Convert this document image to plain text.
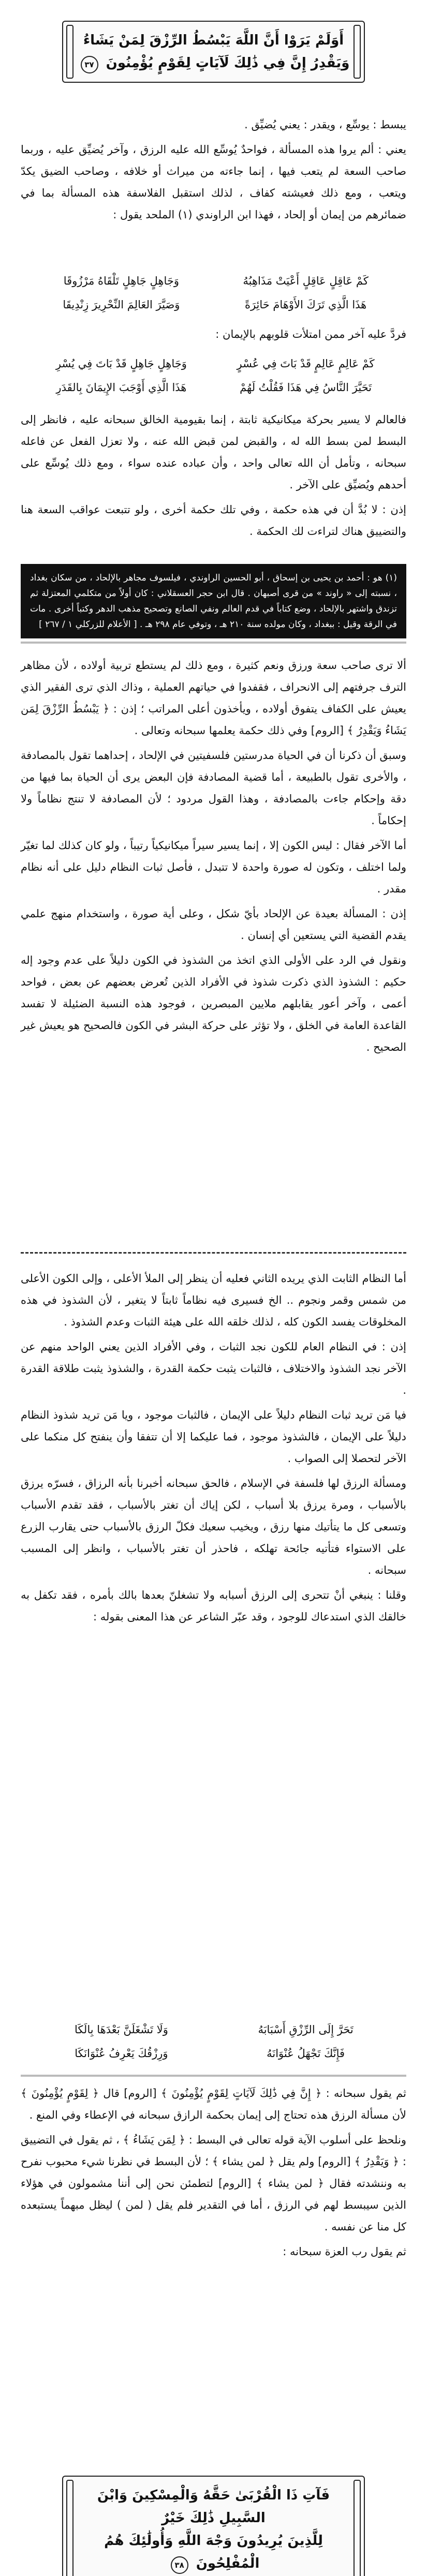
أَوَلَمْ يَرَوْا أَنَّ اللَّهَ يَبْسُطُ الرِّزْقَ لِمَنْ يَشَاءُ
وَيَقْدِرُ إِنَّ فِي ذَٰلِكَ لَآيَاتٍ لِقَوْمٍ يُؤْمِنُونَ ٣٧

يبسط : يوسِّع ، ويقدر : يعني يُضيِّق .

يعني : ألم يروا هذه المسألة ، فواحدٌ يُوسِّع الله عليه الرزق ، وآخر يُضيِّق عليه ، وربما صاحب السعة لم يتعب فيها ، إنما جاءته من ميراث أو خلافه ، وصاحب الضيق يكدّ ويتعب ، ومع ذلك فعيشته كفاف ، لذلك استقبل الفلاسفة هذه المسألة بما في ضمائرهم من إيمان أو إلحاد ، فهذا ابن الراوندي (١) الملحد يقول :

كَمْ عَاقِلٍ عَاقِلٍ أَعْيَتْ مَذَاهِبُهُ
وَجَاهِلٍ جَاهِلٍ تَلْقَاهُ مَرْزُوقَا
هَذَا الَّذِي تَرَكَ الأَوْهَامَ حَائِرَةً
وَصَيَّرَ العَالِمَ النِّحْرِيرَ زِنْدِيقَا

فردَّ عليه آخر ممن امتلأت قلوبهم بالإيمان :

كَمْ عَالِمٍ عَالِمٍ قَدْ بَاتَ فِي عُسْرٍ
وَجَاهِلٍ جَاهِلٍ قَدْ بَاتَ فِي يُسْرِ
تَحَيَّرَ النَّاسُ فِي هَذَا فَقُلْتُ لَهُمْ
هَذَا الَّذِي أَوْجَبَ الإِيمَانَ بِالقَدَرِ

فالعالم لا يسير بحركة ميكانيكية ثابتة ، إنما بقيومية الخالق سبحانه عليه ، فانظر إلى البسط لمن بسط الله له ، والقبض لمن قبض الله عنه ، ولا تعزل الفعل عن فاعله سبحانه ، وتأمل أن الله تعالى واحد ، وأن عباده عنده سواء ، ومع ذلك يُوسِّع على أحدهم ويُضيِّق على الآخر .

إذن : لا بُدَّ أن في هذه حكمة ، وفي تلك حكمة أخرى ، ولو تتبعت عواقب السعة هنا والتضييق هناك لتراءت لك الحكمة .

(١) هو : أحمد بن يحيى بن إسحاق ، أبو الحسين الراوندي ، فيلسوف مجاهر بالإلحاد ، من سكان بغداد ، نسبته إلى « راوند » من قرى أصبهان . قال ابن حجر العسقلاني : كان أولاً من متكلمي المعتزلة ثم تزندق واشتهر بالإلحاد ، وضع كتاباً في قدم العالم ونفي الصانع وتصحيح مذهب الدهر وكتباً أخرى . مات في الرقة وقيل : ببغداد ، وكان مولده سنة ٢١٠ هـ ، وتوفي عام ٢٩٨ هـ . [ الأعلام للزركلي ١ / ٢٦٧ ]

ألا ترى صاحب سعة ورزق ونعم كثيرة ، ومع ذلك لم يستطع تربية أولاده ، لأن مظاهر الترف جرفتهم إلى الانحراف ، فقفدوا في حياتهم العملية ، وذاك الذي ترى الفقير الذي يعيش على الكفاف يتفوق أولاده ، ويأخذون أعلى المراتب ؛ إذن : ﴿ يَبْسُطُ الرِّزْقَ لِمَن يَشَاءُ وَيَقْدِرُ ﴾ [الروم] وفي ذلك حكمة يعلمها سبحانه وتعالى .

وسبق أن ذكرنا أن في الحياة مدرستين فلسفيتين في الإلحاد ، إحداهما تقول بالمصادفة ، والأخرى تقول بالطبيعة ، أما قضية المصادفة فإن البعض يرى أن الحياة بما فيها من دقة وإحكام جاءت بالمصادفة ، وهذا القول مردود ؛ لأن المصادفة لا تنتج نظاماً ولا إحكاماً .

أما الآخر فقال : ليس الكون إلا ، إنما يسير سيراً ميكانيكياً رتيباً ، ولو كان كذلك لما تغيّر ولما اختلف ، وتكون له صورة واحدة لا تتبدل ، فأصل ثبات النظام دليل على أنه نظام مقدر .

إذن : المسألة بعيدة عن الإلحاد بأيّ شكل ، وعلى أية صورة ، واستخدام منهج علمي يقدم القضية التي يستعين أي إنسان .

ونقول في الرد على الأولى الذي اتخذ من الشذوذ في الكون دليلاً على عدم وجود إله حكيم : الشذوذ الذي ذكرت شذوذ في الأفراد الذين تُعرض بعضهم عن بعض ، فواحد أعمى ، وآخر أعور يقابلهم ملايين المبصرين ، فوجود هذه النسبة الضئيلة لا تفسد القاعدة العامة في الخلق ، ولا تؤثر على حركة البشر في الكون فالصحيح هو يعيش غير الصحيح .

أما النظام الثابت الذي يريده الثاني فعليه أن ينظر إلى الملأ الأعلى ، وإلى الكون الأعلى من شمس وقمر ونجوم .. الخ فسيرى فيه نظاماً ثابتاً لا يتغير ، لأن الشذوذ في هذه المخلوقات يفسد الكون كله ، لذلك خلقه الله على هيئة الثبات وعدم الشذوذ .

إذن : في النظام العام للكون نجد الثبات ، وفي الأفراد الذين يعني الواحد منهم عن الآخر نجد الشذوذ والاختلاف ، فالثبات يثبت حكمة القدرة ، والشذوذ يثبت طلاقة القدرة .

فيا مَن تريد ثبات النظام دليلاً على الإيمان ، فالثبات موجود ، ويا مَن تريد شذوذ النظام دليلاً على الإيمان ، فالشذوذ موجود ، فما عليكما إلا أن تتفقا وأن ينفتح كل منكما على الآخر لتحصلا إلى الصواب .

ومسألة الرزق لها فلسفة في الإسلام ، فالحق سبحانه أخبرنا بأنه الرزاق ، فسرّه يرزق بالأسباب ، ومرة يرزق بلا أسباب ، لكن إياك أن تغتر بالأسباب ، فقد تقدم الأسباب وتسعى كل ما يتأتيك منها رزق ، ويخيب سعيك فكلّ الرزق بالأسباب حتى يقارب الزرع على الاستواء فتأتيه جائحة تهلكه ، فاحذر أن تغتر بالأسباب ، وانظر إلى المسبب سبحانه .

وقلنا : ينبغي أنْ تتحرى إلى الرزق أسبابه ولا تشغلنّ بعدها بالك بأمره ، فقد تكفل به خالقك الذي استدعاك للوجود ، وقد عبّر الشاعر عن هذا المعنى بقوله :

تَحَرَّ إِلَى الرِّزْقِ أَسْبَابَهُ
وَلَا تَشْغَلَنَّ بَعْدَهَا بِالَكَا
فَإِنَّكَ تَجْهَلُ عُنْوَانَهُ
وَرِزْقُكَ يَعْرِفُ عُنْوَانَكَا

ثم يقول سبحانه : ﴿ إِنَّ فِي ذَٰلِكَ لَآيَاتٍ لِقَوْمٍ يُؤْمِنُونَ ﴾ [الروم] قال ﴿ لِقَوْمٍ يُؤْمِنُونَ ﴾ لأن مسألة الرزق هذه تحتاج إلى إيمان بحكمة الرازق سبحانه في الإعطاء وفي المنع .

ونلحظ على أسلوب الآية قوله تعالى في البسط : ﴿ لِمَن يَشَاءُ ﴾ ، ثم يقول في التضييق : ﴿ وَيَقْدِرُ ﴾ [الروم] ولم يقل ﴿ لمن يشاء ﴾ ؛ لأن البسط في نظرنا شيء محبوب نفرح به وننشدته فقال ﴿ لمن يشاء ﴾ [الروم] لتطمئن نحن إلى أننا مشمولون في هؤلاء الذين سيبسط لهم في الرزق ، أما في التقدير فلم يقل ( لمن ) ليظل مبهماً يستبعده كل منا عن نفسه .

ثم يقول رب العزة سبحانه :

فَآتِ ذَا الْقُرْبَىٰ حَقَّهُ وَالْمِسْكِينَ وَابْنَ السَّبِيلِ ذَٰلِكَ خَيْرٌ
لِلَّذِينَ يُرِيدُونَ وَجْهَ اللَّهِ وَأُولَٰئِكَ هُمُ الْمُفْلِحُونَ ٣٨
